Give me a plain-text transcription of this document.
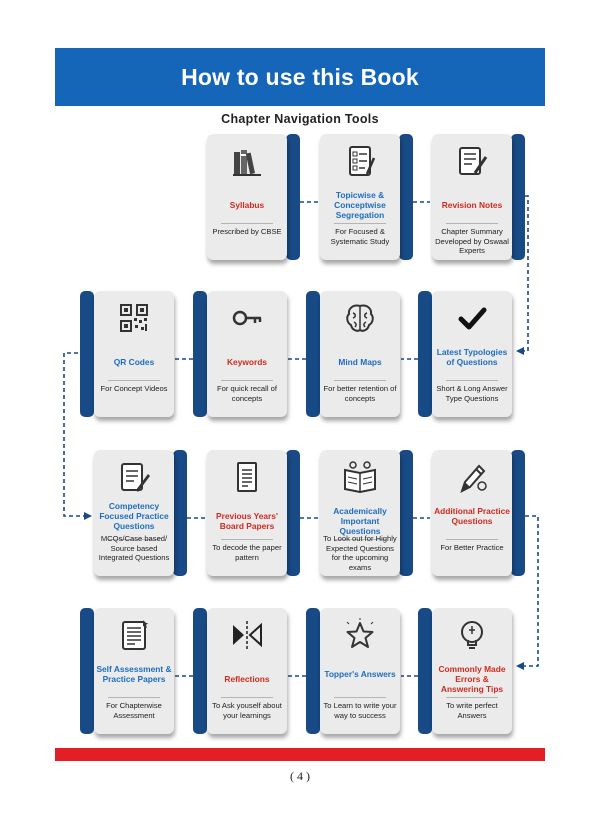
How to use this Book
Chapter Navigation Tools
Syllabus
Prescribed by CBSE
Topicwise & Conceptwise Segregation
For Focused & Systematic Study
Revision Notes
Chapter Summary Developed by Oswaal Experts
QR Codes
For Concept Videos
Keywords
For quick recall of concepts
Mind Maps
For better retention of concepts
Latest Typologies of Questions
Short & Long Answer Type Questions
Competency Focused Practice Questions
MCQs/Case based/ Source based Integrated Questions
Previous Years' Board Papers
To decode the paper pattern
Academically Important Questions
To Look out for Highly Expected Questions for the upcoming exams
Additional Practice Questions
For Better Practice
Self Assessment & Practice Papers
For Chapterwise Assessment
Reflections
To Ask youself about your learnings
Topper's Answers
To Learn to write your way to success
Commonly Made Errors & Answering Tips
To write perfect Answers
( 4 )
